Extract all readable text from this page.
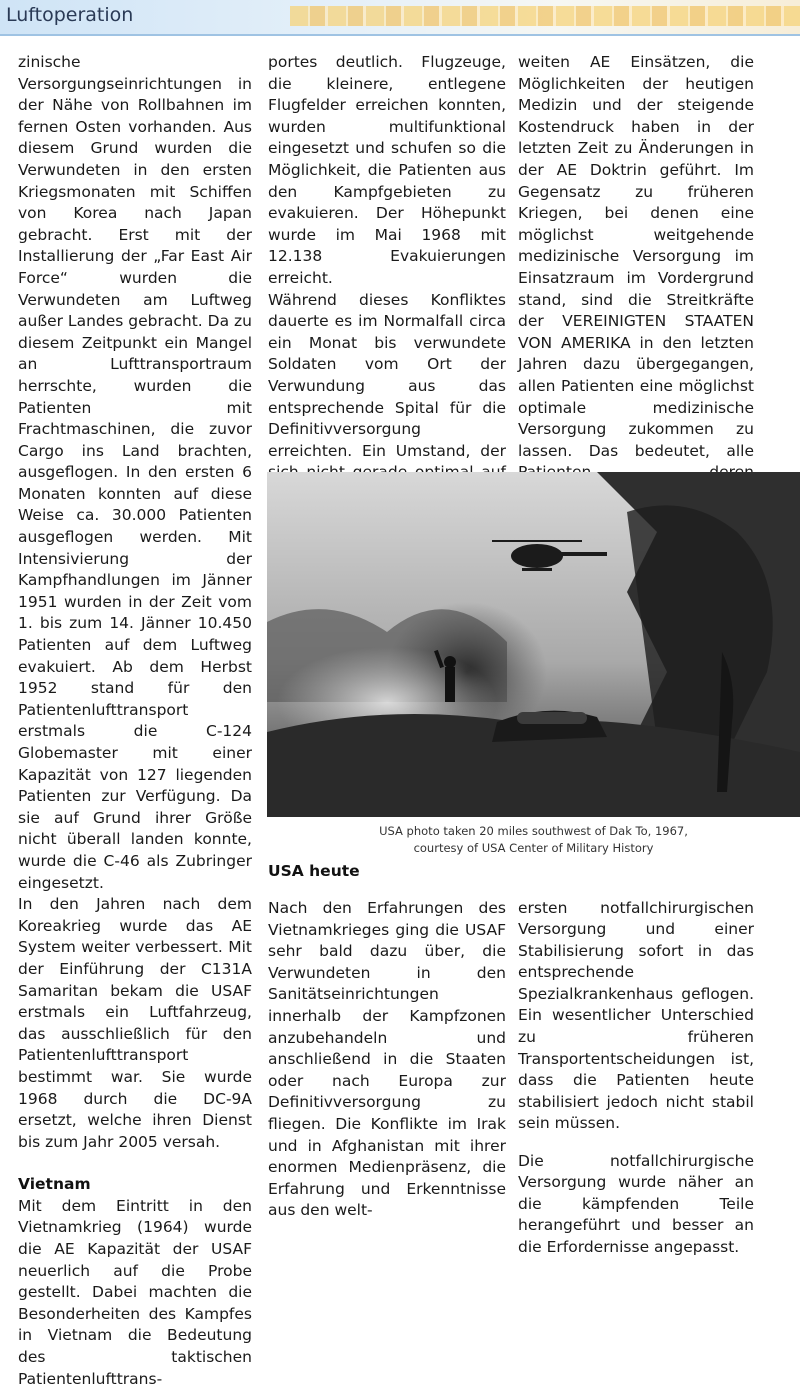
Luftoperation

zinische Versorgungseinrichtungen in der Nähe von Rollbahnen im fernen Osten vorhanden. Aus diesem Grund wurden die Verwundeten in den ersten Kriegsmonaten mit Schiffen von Korea nach Japan gebracht. Erst mit der Installierung der „Far East Air Force“ wurden die Verwundeten am Luftweg außer Landes gebracht. Da zu diesem Zeitpunkt ein Mangel an Lufttransportraum herrschte, wurden die Patienten mit Frachtmaschinen, die zuvor Cargo ins Land brachten, ausgeflogen. In den ersten 6 Monaten konnten auf diese Weise ca. 30.000 Patienten ausgeflogen werden. Mit Intensivierung der Kampfhandlungen im Jänner 1951 wurden in der Zeit vom 1. bis zum 14. Jänner 10.450 Patienten auf dem Luftweg evakuiert. Ab dem Herbst 1952 stand für den Patientenlufttransport erstmals die C-124 Globemaster mit einer Kapazität von 127 liegenden Patienten zur Verfügung. Da sie auf Grund ihrer Größe nicht überall landen konnte, wurde die C-46 als Zubringer eingesetzt.

In den Jahren nach dem Koreakrieg wurde das AE System weiter verbessert. Mit der Einführung der C131A Samaritan bekam die USAF erstmals ein Luftfahrzeug, das ausschließlich für den Patientenlufttransport bestimmt war. Sie wurde 1968 durch die DC-9A ersetzt, welche ihren Dienst bis zum Jahr 2005 versah.

Vietnam

Mit dem Eintritt in den Vietnamkrieg (1964) wurde die AE Kapazität der USAF neuerlich auf die Probe gestellt. Dabei machten die Besonderheiten des Kampfes in Vietnam die Bedeutung des taktischen Patientenlufttrans-

portes deutlich. Flugzeuge, die kleinere, entlegene Flugfelder erreichen konnten, wurden multifunktional eingesetzt und schufen so die Möglichkeit, die Patienten aus den Kampfgebieten zu evakuieren. Der Höhepunkt wurde im Mai 1968 mit 12.138 Evakuierungen erreicht.

Während dieses Konfliktes dauerte es im Normalfall circa ein Monat bis verwundete Soldaten vom Ort der Verwundung aus das entsprechende Spital für die Definitivversorgung erreichten. Ein Umstand, der

weiten AE Einsätzen, die Möglichkeiten der heutigen Medizin und der steigende Kostendruck haben in der letzten Zeit zu Änderungen in der AE Doktrin geführt. Im Gegensatz zu früheren Kriegen, bei denen eine möglichst weitgehende medizinische Versorgung im Einsatzraum im Vordergrund stand, sind die Streitkräfte der VEREINIGTEN STAATEN VON AMERIKA in den letzten Jahren dazu übergegangen, allen Patienten eine möglichst optimale medizinische Versorgung zukommen zu lassen. Das bedeutet, alle

USA photo taken 20 miles southwest of Dak To, 1967,
courtesy of USA Center of Military History
USA heute

Nach den Erfahrungen des Vietnamkrieges ging die USAF sehr bald dazu über, die Verwundeten in den Sanitätseinrichtungen innerhalb der Kampfzonen anzubehandeln und anschließend in die Staaten oder nach Europa zur Definitivversorgung zu fliegen. Die Konflikte im Irak und in Afghanistan mit ihrer enormen Medienpräsenz, die Erfahrung und Erkenntnisse aus den welt-

ersten notfallchirurgischen Versorgung und einer Stabilisierung sofort in das entsprechende Spezialkrankenhaus geflogen. Ein wesentlicher Unterschied zu früheren Transportentscheidungen ist, dass die Patienten heute stabilisiert jedoch nicht stabil sein müssen.

Die notfallchirurgische Versorgung wurde näher an die kämpfenden Teile herangeführt und besser an die Erfordernisse angepasst.
